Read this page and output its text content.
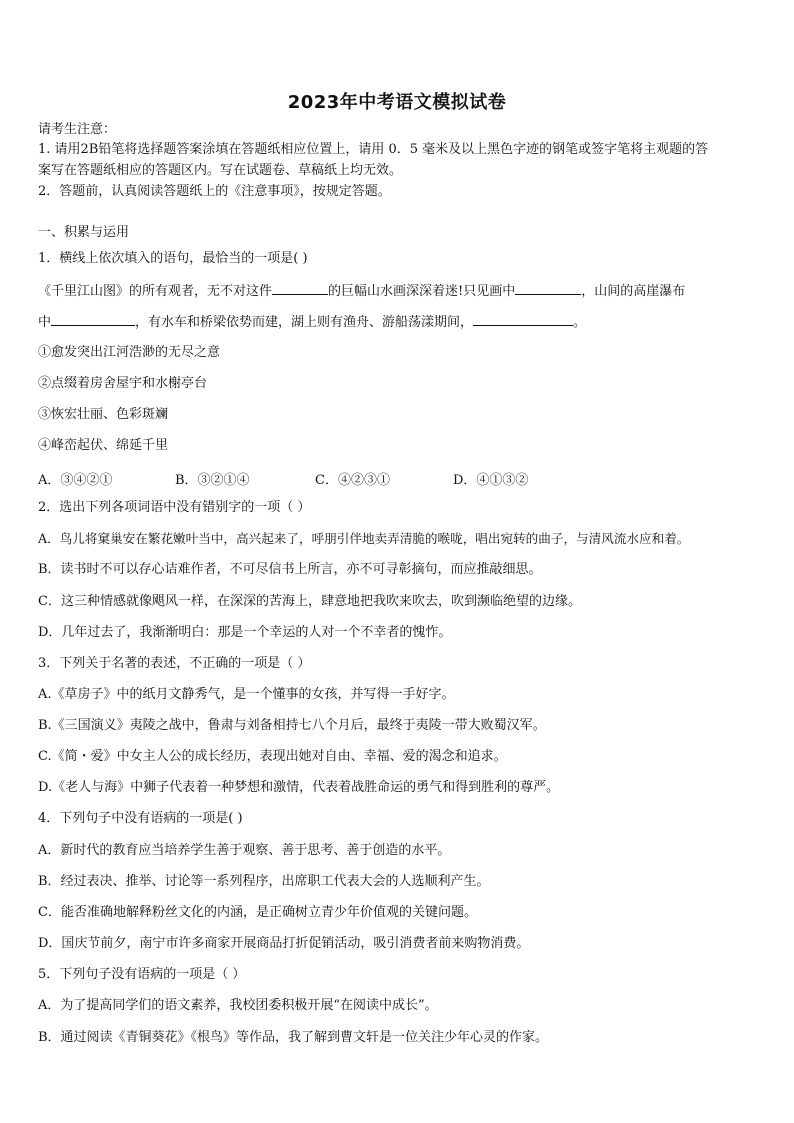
2023年中考语文模拟试卷
请考生注意：
1. 请用2B铅笔将选择题答案涂填在答题纸相应位置上，请用 0．5 毫米及以上黑色字迹的钢笔或签字笔将主观题的答
案写在答题纸相应的答题区内。写在试题卷、草稿纸上均无效。
2．答题前，认真阅读答题纸上的《注意事项》，按规定答题。
一、积累与运用
1．横线上依次填入的语句，最恰当的一项是( )
《千里江山图》的所有观者，无不对这件	的巨幅山水画深深着迷!只见画中	，山间的高崖瀑布
中	，有水车和桥梁依势而建，湖上则有渔舟、游船荡漾期间，	。
①愈发突出江河浩渺的无尽之意
②点缀着房舍屋宇和水榭亭台
③恢宏壮丽、色彩斑斓
④峰峦起伏、绵延千里
A．③④②①	B．③②①④	C．④②③①	D．④①③②
2．选出下列各项词语中没有错别字的一项（ ）
A．鸟儿将窠巢安在繁花嫩叶当中，高兴起来了，呼朋引伴地卖弄清脆的喉咙，唱出宛转的曲子，与清风流水应和着。
B．读书时不可以存心诘难作者，不可尽信书上所言，亦不可寻彰摘句，而应推敲细思。
C．这三种情感就像飓风一样，在深深的苦海上，肆意地把我吹来吹去，吹到濒临绝望的边缘。
D．几年过去了，我渐渐明白：那是一个幸运的人对一个不幸者的愧怍。
3．下列关于名著的表述，不正确的一项是（ ）
A.《草房子》中的纸月文静秀气，是一个懂事的女孩，并写得一手好字。
B.《三国演义》夷陵之战中，鲁肃与刘备相持七八个月后，最终于夷陵一带大败蜀汉军。
C.《简・爱》中女主人公的成长经历，表现出她对自由、幸福、爱的渴念和追求。
D.《老人与海》中狮子代表着一种梦想和激情，代表着战胜命运的勇气和得到胜利的尊严。
4．下列句子中没有语病的一项是( )
A．新时代的教育应当培养学生善于观察、善于思考、善于创造的水平。
B．经过表决、推举、讨论等一系列程序，出席职工代表大会的人选顺利产生。
C．能否准确地解释粉丝文化的内涵，是正确树立青少年价值观的关键问题。
D．国庆节前夕，南宁市许多商家开展商品打折促销活动，吸引消费者前来购物消费。
5．下列句子没有语病的一项是（ ）
A．为了提高同学们的语文素养，我校团委积极开展“在阅读中成长”。
B．通过阅读《青铜葵花》《根鸟》等作品，我了解到曹文轩是一位关注少年心灵的作家。
